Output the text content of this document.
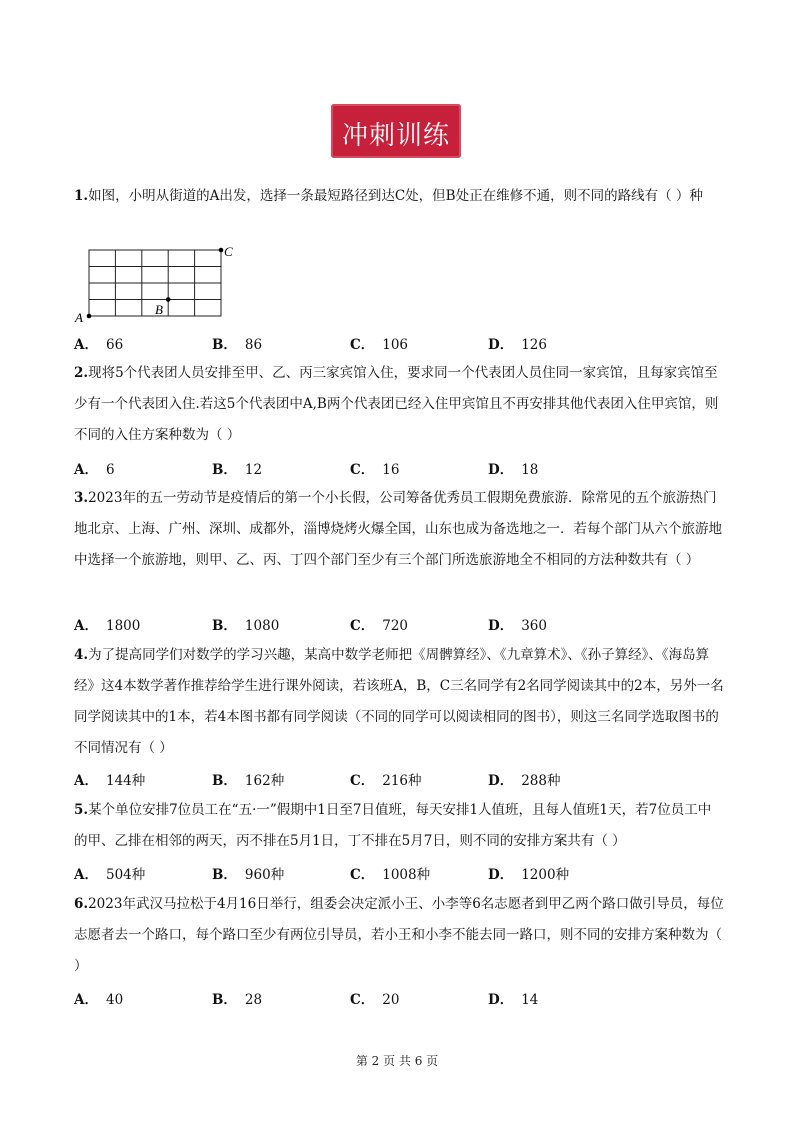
冲刺训练
1.如图，小明从街道的A出发，选择一条最短路径到达C处，但B处正在维修不通，则不同的路线有（ ）种
A
B
C
A． 66	B． 86	C． 106	D． 126
2.现将5个代表团人员安排至甲、乙、丙三家宾馆入住，要求同一个代表团人员住同一家宾馆，且每家宾馆至少有一个代表团入住.若这5个代表团中A,B两个代表团已经入住甲宾馆且不再安排其他代表团入住甲宾馆，则不同的入住方案种数为（ ）
A． 6	B． 12	C． 16	D． 18
3.2023年的五一劳动节是疫情后的第一个小长假，公司筹备优秀员工假期免费旅游．除常见的五个旅游热门地北京、上海、广州、深圳、成都外，淄博烧烤火爆全国，山东也成为备选地之一．若每个部门从六个旅游地中选择一个旅游地，则甲、乙、丙、丁四个部门至少有三个部门所选旅游地全不相同的方法种数共有（ ）
A． 1800	B． 1080	C． 720	D． 360
4.为了提高同学们对数学的学习兴趣，某高中数学老师把《周髀算经》、《九章算术》、《孙子算经》、《海岛算经》这4本数学著作推荐给学生进行课外阅读，若该班A，B，C三名同学有2名同学阅读其中的2本，另外一名同学阅读其中的1本，若4本图书都有同学阅读（不同的同学可以阅读相同的图书），则这三名同学选取图书的不同情况有（ ）
A． 144种	B． 162种	C． 216种	D． 288种
5.某个单位安排7位员工在“五·一”假期中1日至7日值班，每天安排1人值班，且每人值班1天，若7位员工中的甲、乙排在相邻的两天，丙不排在5月1日，丁不排在5月7日，则不同的安排方案共有（ ）
A． 504种	B． 960种	C． 1008种	D． 1200种
6.2023年武汉马拉松于4月16日举行，组委会决定派小王、小李等6名志愿者到甲乙两个路口做引导员，每位志愿者去一个路口，每个路口至少有两位引导员，若小王和小李不能去同一路口，则不同的安排方案种数为（ ）
A． 40	B． 28	C． 20	D． 14
第 2 页 共 6 页
